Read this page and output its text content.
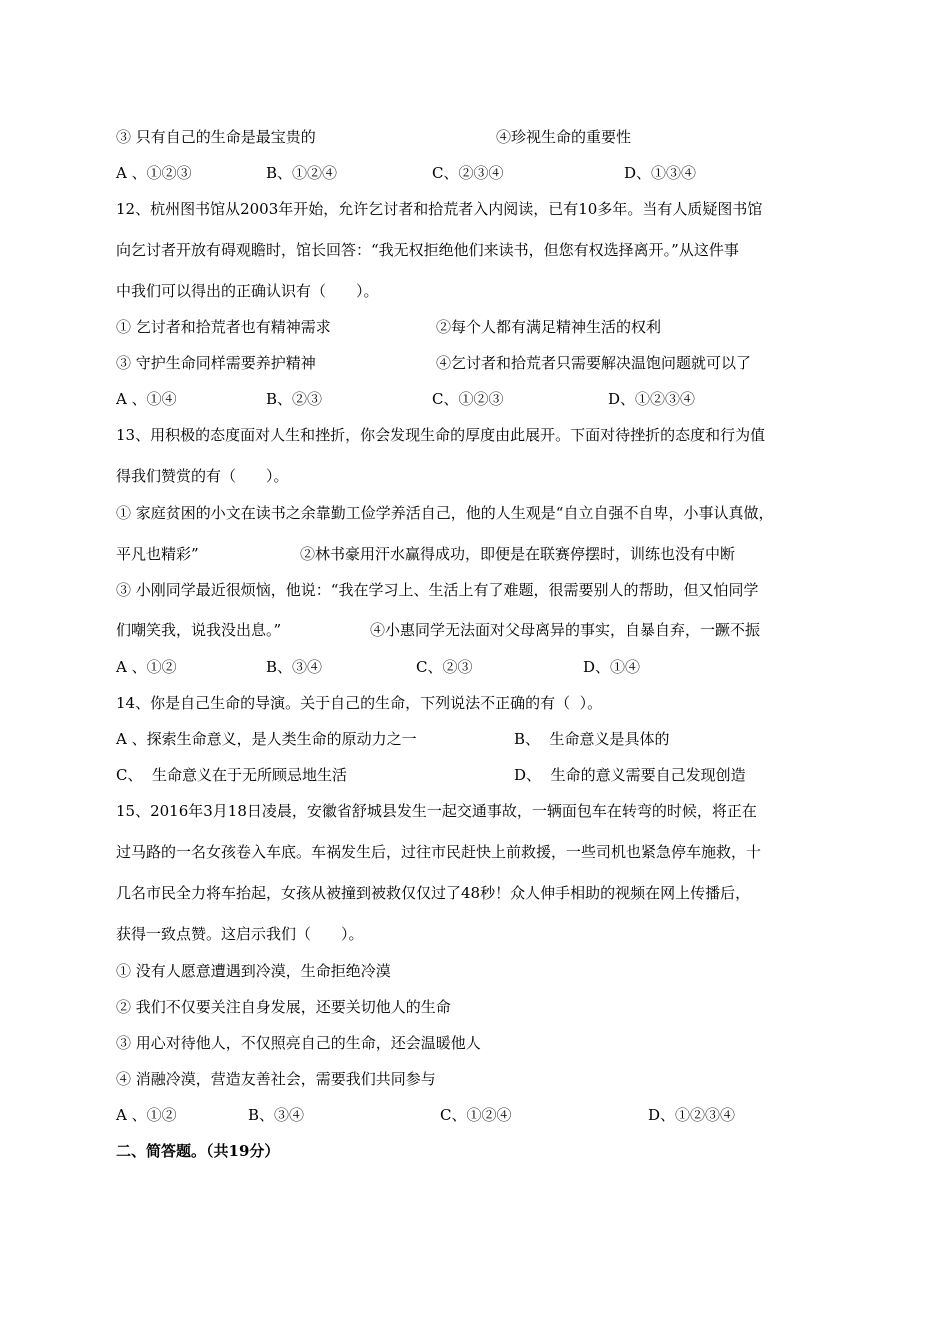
③ 只有自己的生命是最宝贵的	④珍视生命的重要性
A 、①②③	B、①②④	C、②③④	D、①③④
12、杭州图书馆从2003年开始，允许乞讨者和拾荒者入内阅读，已有10多年。当有人质疑图书馆
向乞讨者开放有碍观瞻时，馆长回答：“我无权拒绝他们来读书，但您有权选择离开。”从这件事
中我们可以得出的正确认识有（　　）。
① 乞讨者和拾荒者也有精神需求	②每个人都有满足精神生活的权利
③ 守护生命同样需要养护精神	④乞讨者和拾荒者只需要解决温饱问题就可以了
A 、①④	B、②③	C、①②③	D、①②③④
13、用积极的态度面对人生和挫折，你会发现生命的厚度由此展开。下面对待挫折的态度和行为值
得我们赞赏的有（　　）。
① 家庭贫困的小文在读书之余靠勤工俭学养活自己，他的人生观是“自立自强不自卑，小事认真做，
平凡也精彩”	②林书豪用汗水赢得成功，即便是在联赛停摆时，训练也没有中断
③ 小刚同学最近很烦恼，他说：“我在学习上、生活上有了难题，很需要别人的帮助，但又怕同学
们嘲笑我，说我没出息。”	④小惠同学无法面对父母离异的事实，自暴自弃，一蹶不振
A 、①②	B、③④	C、②③	D、①④
14、你是自己生命的导演。关于自己的生命，下列说法不正确的有（  ）。
A 、探索生命意义，是人类生命的原动力之一	B、  生命意义是具体的
C、  生命意义在于无所顾忌地生活	D、  生命的意义需要自己发现创造
15、2016年3月18日凌晨，安徽省舒城县发生一起交通事故，一辆面包车在转弯的时候，将正在
过马路的一名女孩卷入车底。车祸发生后，过往市民赶快上前救援，一些司机也紧急停车施救，十
几名市民全力将车抬起，女孩从被撞到被救仅仅过了48秒！众人伸手相助的视频在网上传播后，
获得一致点赞。这启示我们（　　）。
① 没有人愿意遭遇到冷漠，生命拒绝冷漠
② 我们不仅要关注自身发展，还要关切他人的生命
③ 用心对待他人，不仅照亮自己的生命，还会温暖他人
④ 消融冷漠，营造友善社会，需要我们共同参与
A 、①②	B、③④	C、①②④	D、①②③④
二、简答题。（共19分）
